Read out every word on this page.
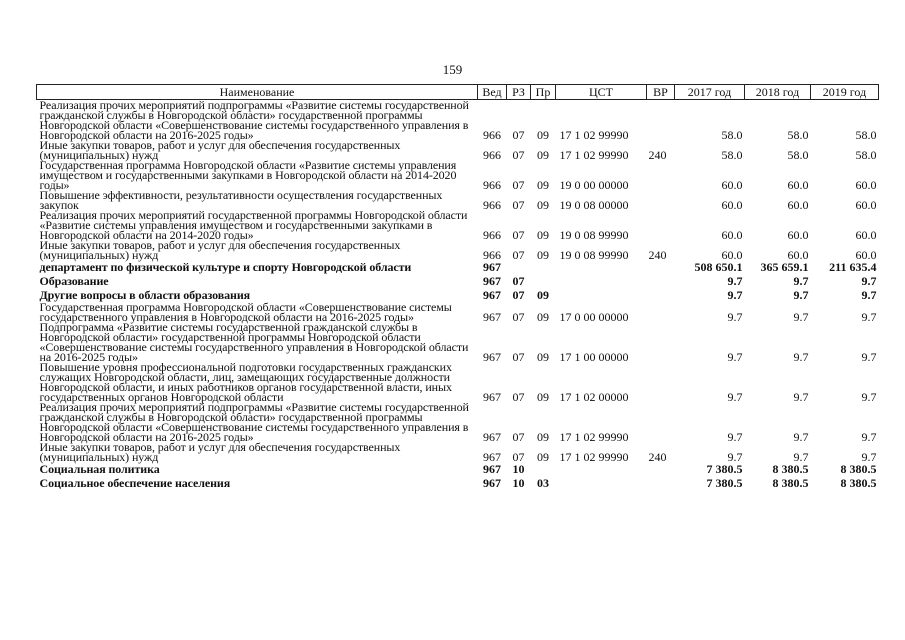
159
Наименование	Вед	РЗ	Пр	ЦСТ	ВР	2017 год	2018 год	2019 год
Реализация прочих мероприятий подпрограммы «Развитие системы государственной гражданской службы в Новгородской области» государственной программы Новгородской области «Совершенствование системы государственного управления в Новгородской области на 2016-2025 годы»	966	07	09	17 1 02 99990		58.0	58.0	58.0
Иные закупки товаров, работ и услуг для обеспечения государственных (муниципальных) нужд	966	07	09	17 1 02 99990	240	58.0	58.0	58.0
Государственная программа Новгородской области «Развитие системы управления имуществом и государственными закупками в Новгородской области на 2014-2020 годы»	966	07	09	19 0 00 00000		60.0	60.0	60.0
Повышение эффективности, результативности осуществления государственных закупок	966	07	09	19 0 08 00000		60.0	60.0	60.0
Реализация прочих мероприятий государственной программы Новгородской области «Развитие системы управления имуществом и государственными закупками в Новгородской области на 2014-2020 годы»	966	07	09	19 0 08 99990		60.0	60.0	60.0
Иные закупки товаров, работ и услуг для обеспечения государственных (муниципальных) нужд	966	07	09	19 0 08 99990	240	60.0	60.0	60.0
департамент по физической культуре и спорту Новгородской области	967					508 650.1	365 659.1	211 635.4
Образование	967	07				9.7	9.7	9.7
Другие вопросы в области образования	967	07	09			9.7	9.7	9.7
Государственная программа Новгородской области «Совершенствование системы государственного управления в Новгородской области на 2016-2025 годы»	967	07	09	17 0 00 00000		9.7	9.7	9.7
Подпрограмма «Развитие системы государственной гражданской службы в Новгородской области» государственной программы Новгородской области «Совершенствование системы государственного управления в Новгородской области на 2016-2025 годы»	967	07	09	17 1 00 00000		9.7	9.7	9.7
Повышение уровня профессиональной подготовки государственных гражданских служащих Новгородской области, лиц, замещающих государственные должности Новгородской области, и иных работников органов государственной власти, иных государственных органов Новгородской области	967	07	09	17 1 02 00000		9.7	9.7	9.7
Реализация прочих мероприятий подпрограммы «Развитие системы государственной гражданской службы в Новгородской области» государственной программы Новгородской области «Совершенствование системы государственного управления в Новгородской области на 2016-2025 годы»	967	07	09	17 1 02 99990		9.7	9.7	9.7
Иные закупки товаров, работ и услуг для обеспечения государственных (муниципальных) нужд	967	07	09	17 1 02 99990	240	9.7	9.7	9.7
Социальная политика	967	10				7 380.5	8 380.5	8 380.5
Социальное обеспечение населения	967	10	03			7 380.5	8 380.5	8 380.5
